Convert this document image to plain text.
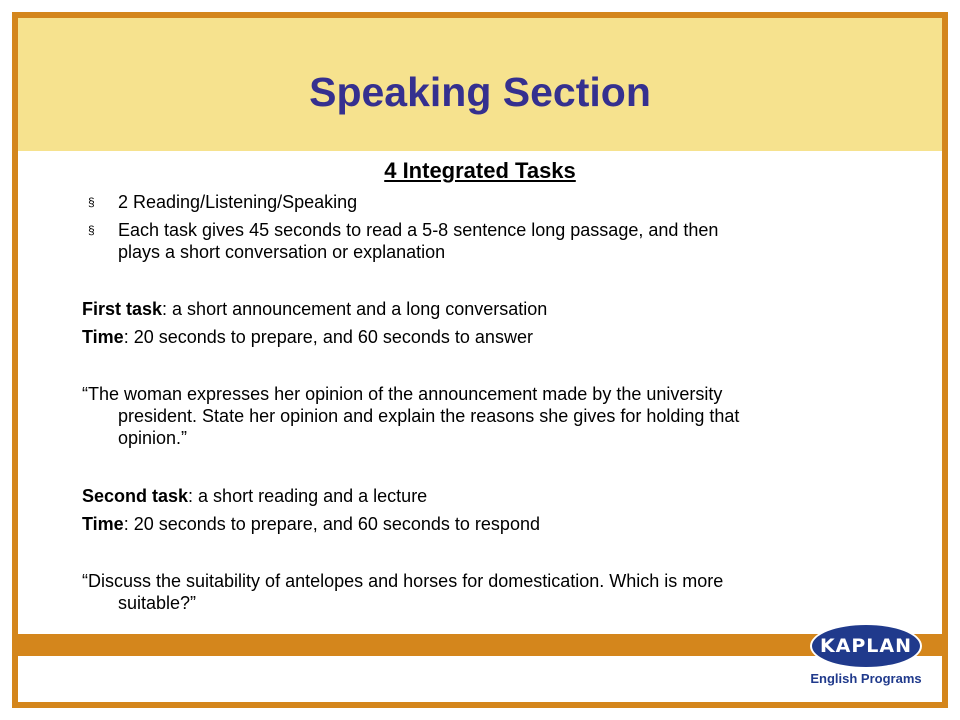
Speaking Section
4 Integrated Tasks
§ 2 Reading/Listening/Speaking
§ Each task gives 45 seconds to read a 5-8 sentence long passage, and then
plays a short conversation or explanation
First task: a short announcement and a long conversation
Time: 20 seconds to prepare, and 60 seconds to answer
“The woman expresses her opinion of the announcement made by the university
president. State her opinion and explain the reasons she gives for holding that
opinion.”
Second task: a short reading and a lecture
Time: 20 seconds to prepare, and 60 seconds to respond
“Discuss the suitability of antelopes and horses for domestication. Which is more
suitable?”
KAPLAN
English Programs
